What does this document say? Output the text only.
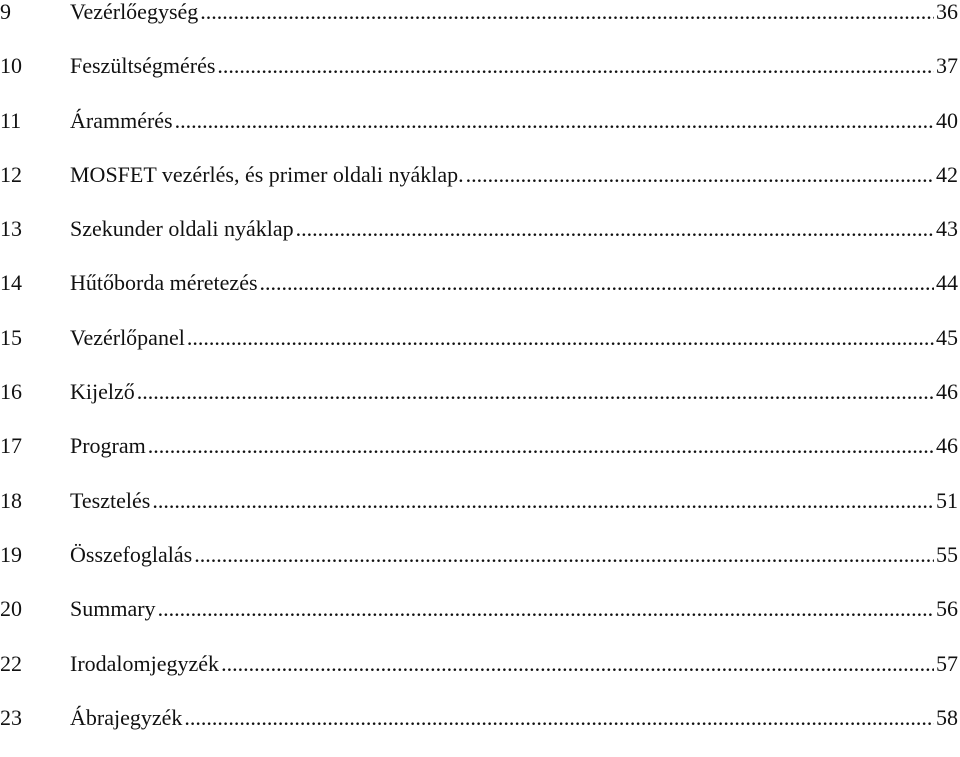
9	Vezérlőegység .....	36
10	Feszültségmérés .....	37
11	Árammérés .....	40
12	MOSFET vezérlés, és primer oldali nyáklap. .....	42
13	Szekunder oldali nyáklap .....	43
14	Hűtőborda méretezés .....	44
15	Vezérlőpanel .....	45
16	Kijelző .....	46
17	Program .....	46
18	Tesztelés .....	51
19	Összefoglalás .....	55
20	Summary .....	56
22	Irodalomjegyzék .....	57
23	Ábrajegyzék .....	58
